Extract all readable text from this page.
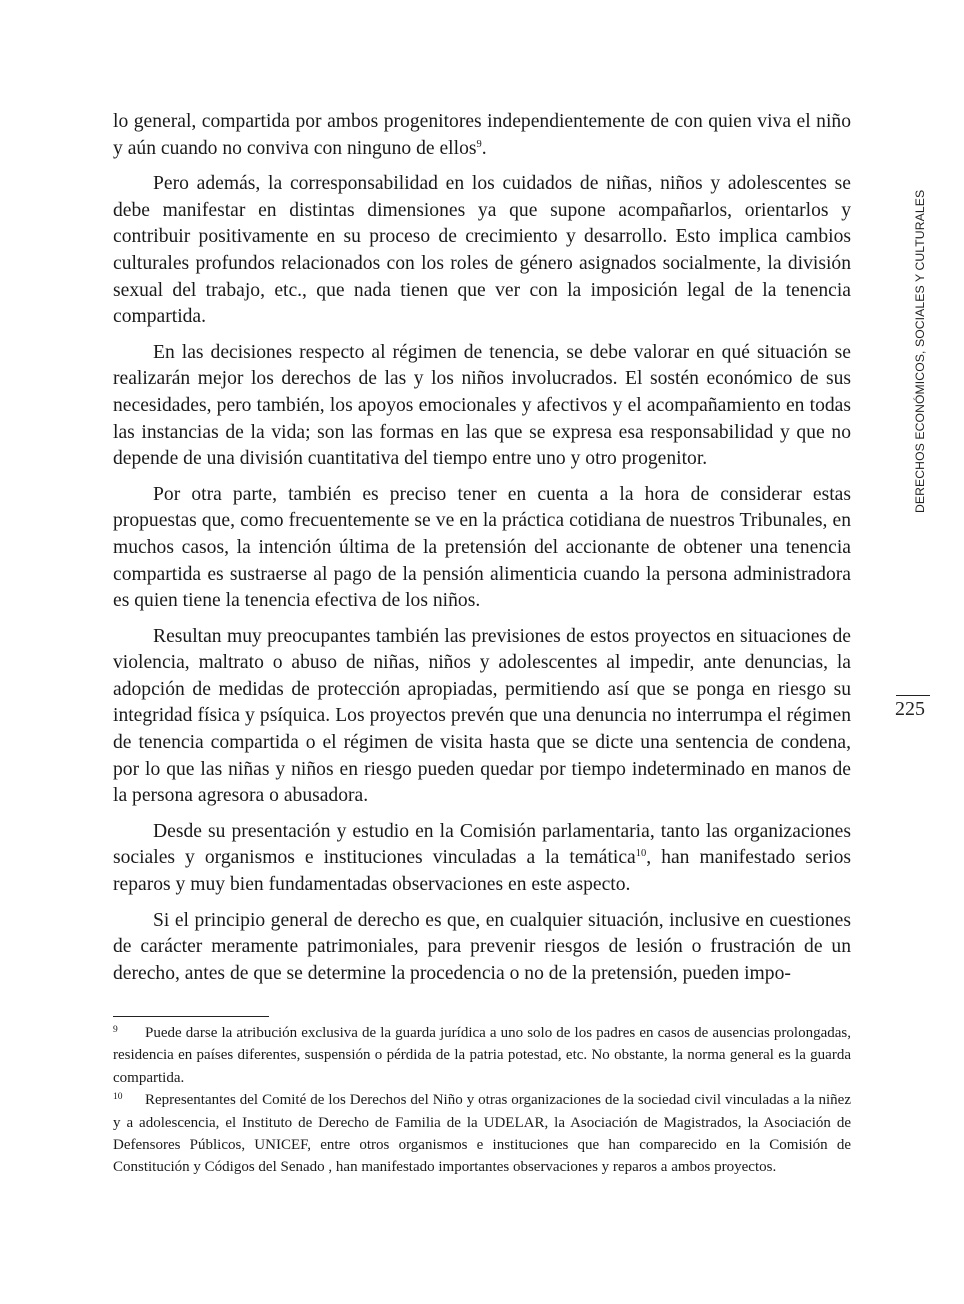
lo general, compartida por ambos progenitores independientemente de con quien viva el niño y aún cuando no conviva con ninguno de ellos$^9$.

Pero además, la corresponsabilidad en los cuidados de niñas, niños y adolescentes se debe manifestar en distintas dimensiones ya que supone acompañarlos, orientarlos y contribuir positivamente en su proceso de crecimiento y desarrollo. Esto implica cambios culturales profundos relacionados con los roles de género asignados socialmente, la división sexual del trabajo, etc., que nada tienen que ver con la imposición legal de la tenencia compartida.

En las decisiones respecto al régimen de tenencia, se debe valorar en qué situación se realizarán mejor los derechos de las y los niños involucrados. El sostén económico de sus necesidades, pero también, los apoyos emocionales y afectivos y el acompañamiento en todas las instancias de la vida; son las formas en las que se expresa esa responsabilidad y que no depende de una división cuantitativa del tiempo entre uno y otro progenitor.

Por otra parte, también es preciso tener en cuenta a la hora de considerar estas propuestas que, como frecuentemente se ve en la práctica cotidiana de nuestros Tribunales, en muchos casos, la intención última de la pretensión del accionante de obtener una tenencia compartida es sustraerse al pago de la pensión alimenticia cuando la persona administradora es quien tiene la tenencia efectiva de los niños.

Resultan muy preocupantes también las previsiones de estos proyectos en situaciones de violencia, maltrato o abuso de niñas, niños y adolescentes al impedir, ante denuncias, la adopción de medidas de protección apropiadas, permitiendo así que se ponga en riesgo su integridad física y psíquica. Los proyectos prevén que una denuncia no interrumpa el régimen de tenencia compartida o el régimen de visita hasta que se dicte una sentencia de condena, por lo que las niñas y niños en riesgo pueden quedar por tiempo indeterminado en manos de la persona agresora o abusadora.

Desde su presentación y estudio en la Comisión parlamentaria, tanto las organizaciones sociales y organismos e instituciones vinculadas a la temática$^{10}$, han manifestado serios reparos y muy bien fundamentadas observaciones en este aspecto.

Si el principio general de derecho es que, en cualquier situación, inclusive en cuestiones de carácter meramente patrimoniales, para prevenir riesgos de lesión o frustración de un derecho, antes de que se determine la procedencia o no de la pretensión, pueden impo-

9 Puede darse la atribución exclusiva de la guarda jurídica a uno solo de los padres en casos de ausencias prolongadas, residencia en países diferentes, suspensión o pérdida de la patria potestad, etc. No obstante, la norma general es la guarda compartida.

10 Representantes del Comité de los Derechos del Niño y otras organizaciones de la sociedad civil vinculadas a la niñez y a adolescencia, el Instituto de Derecho de Familia de la UDELAR, la Asociación de Magistrados, la Asociación de Defensores Públicos, UNICEF, entre otros organismos e instituciones que han comparecido en la Comisión de Constitución y Códigos del Senado , han manifestado importantes observaciones y reparos a ambos proyectos.

DERECHOS ECONÓMICOS, SOCIALES Y CULTURALES
225
